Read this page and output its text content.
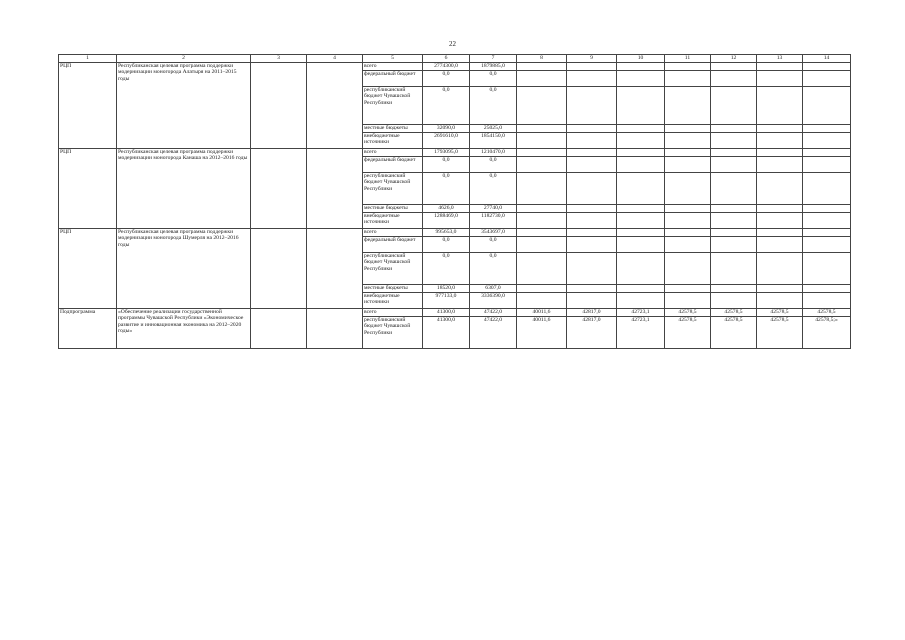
22
1	2	3	4	5	6	7	8	9	10	11	12	13	14
РЦП	Республиканская целевая программа поддержки модернизации моногорода Алатыря на 2011–2015 годы			всего	2774300,0	1879885,0							
				федеральный бюджет	0,0	0,0							
				республиканский бюджет Чувашской Республики	0,0	0,0							
				местные бюджеты	32090,0	25025,0							
				внебюджетные источники	2691610,0	1854150,0							
РЦП	Республиканская целевая программа поддержки модернизации моногорода Канаша на 2012–2016 годы			всего	1793095,0	1210470,0							
				федеральный бюджет	0,0	0,0							
				республиканский бюджет Чувашской Республики	0,0	0,0							
				местные бюджеты	4626,0	27740,0							
				внебюджетные источники	1288469,0	1182730,0							
РЦП	Республиканская целевая программа поддержки модернизации моногорода Шумерля на 2012–2016 годы			всего	995653,0	3543697,0							
				федеральный бюджет	0,0	0,0							
				республиканский бюджет Чувашской Республики	0,0	0,0							
				местные бюджеты	18520,0	6307,0							
				внебюджетные источники	977133,0	3336390,0							
Подпрограмма	«Обеспечение реализации государственной программы Чувашской Республики «Экономическое развитие и инновационная экономика на 2012–2020 годы»			всего	41300,0	47422,0	40011,6	42817,0	42723,1	42578,5	42578,5	42578,5	42578,5
				республиканский бюджет Чувашской Республики	41300,0	47422,0	40011,6	42817,0	42723,1	42578,5	42578,5	42578,5	42578,5;»
